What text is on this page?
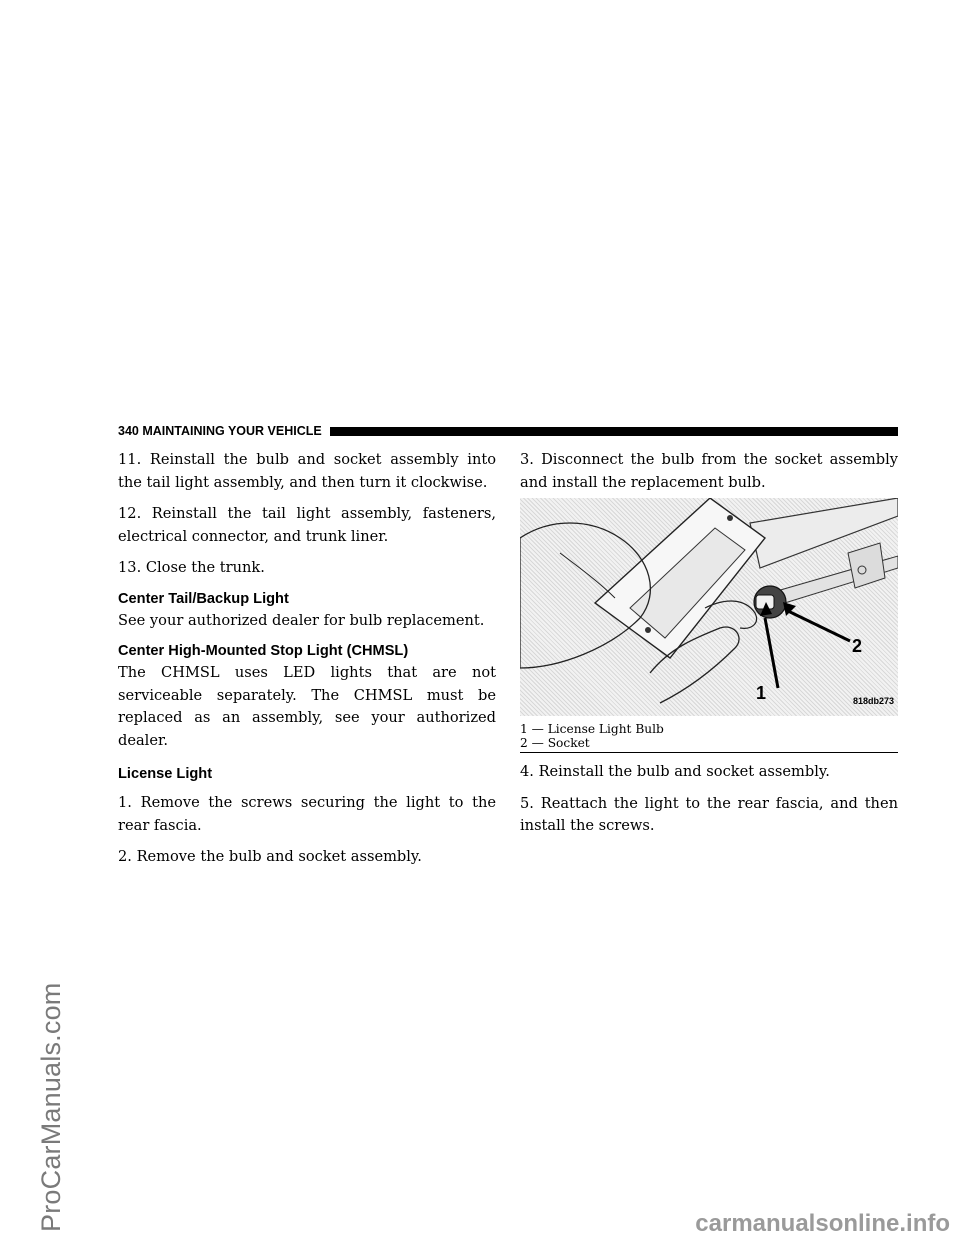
ProCarManuals.com	carmanualsonline.info
340 MAINTAINING YOUR VEHICLE

11. Reinstall the bulb and socket assembly into the tail light assembly, and then turn it clockwise.

12. Reinstall the tail light assembly, fasteners, electrical connector, and trunk liner.

13. Close the trunk.

Center Tail/Backup Light

See your authorized dealer for bulb replacement.

Center High-Mounted Stop Light (CHMSL)

The CHMSL uses LED lights that are not serviceable separately. The CHMSL must be replaced as an assembly, see your authorized dealer.

License Light

1. Remove the screws securing the light to the rear fascia.

2. Remove the bulb and socket assembly.

3. Disconnect the bulb from the socket assembly and install the replacement bulb.

1
2
818db273
1 — License Light Bulb
2 — Socket

4. Reinstall the bulb and socket assembly.

5. Reattach the light to the rear fascia, and then install the screws.
